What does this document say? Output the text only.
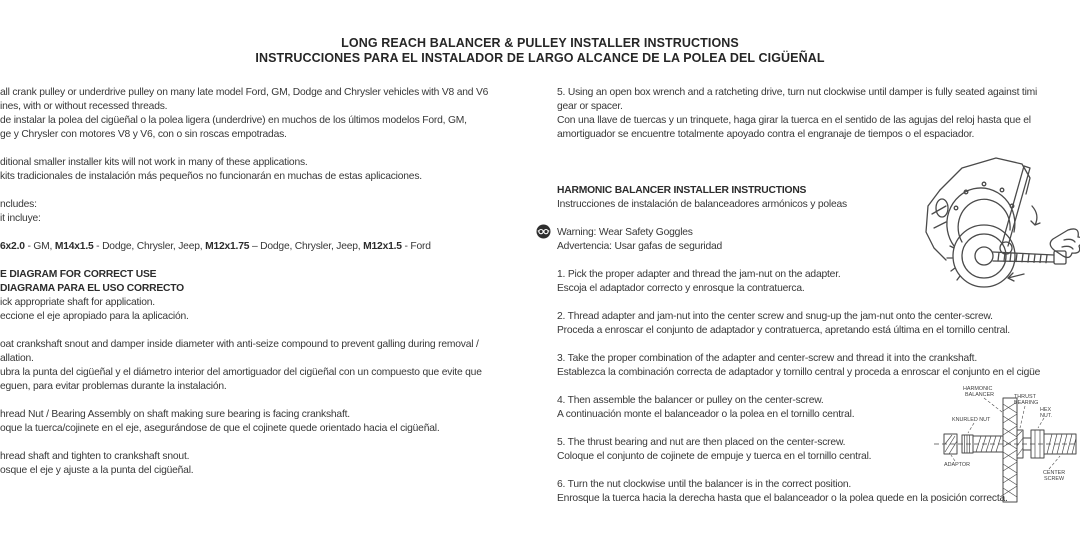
LONG REACH BALANCER & PULLEY INSTALLER INSTRUCTIONS
INSTRUCCIONES PARA EL INSTALADOR DE LARGO ALCANCE DE LA POLEA DEL CIGÜEÑAL
all crank pulley or underdrive pulley on many late model Ford, GM, Dodge and Chrysler vehicles with V8 and V6
ines, with or without recessed threads.
de instalar la polea del cigüeñal o la polea ligera (underdrive) en muchos de los últimos modelos Ford, GM,
ge y Chrysler con motores V8 y V6, con o sin roscas empotradas.

ditional smaller installer kits will not work in many of these applications.
kits tradicionales de instalación más pequeños no funcionarán en muchas de estas aplicaciones.

ncludes:
it incluye:

6x2.0 - GM, M14x1.5 - Dodge, Chrysler, Jeep, M12x1.75 – Dodge, Chrysler, Jeep, M12x1.5 - Ford

E DIAGRAM FOR CORRECT USE
DIAGRAMA PARA EL USO CORRECTO
ick appropriate shaft for application.
eccione el eje apropiado para la aplicación.

oat crankshaft snout and damper inside diameter with anti-seize compound to prevent galling during removal /
allation.
ubra la punta del cigüeñal y el diámetro interior del amortiguador del cigüeñal con un compuesto que evite que
eguen, para evitar problemas durante la instalación.

hread Nut / Bearing Assembly on shaft making sure bearing is facing crankshaft.
oque la tuerca/cojinete en el eje, asegurándose de que el cojinete quede orientado hacia el cigüeñal.

hread shaft and tighten to crankshaft snout.
osque el eje y ajuste a la punta del cigüeñal.
5. Using an open box wrench and a ratcheting drive, turn nut clockwise until damper is fully seated against timi
gear or spacer.
Con una llave de tuercas y un trinquete, haga girar la tuerca en el sentido de las agujas del reloj hasta que el
amortiguador se encuentre totalmente apoyado contra el engranaje de tiempos o el espaciador.

HARMONIC BALANCER INSTALLER INSTRUCTIONS
Instrucciones de instalación de balanceadores armónicos y poleas

Warning: Wear Safety Goggles
Advertencia: Usar gafas de seguridad

1. Pick the proper adapter and thread the jam-nut on the adapter.
Escoja el adaptador correcto y enrosque la contratuerca.

2. Thread adapter and jam-nut into the center screw and snug-up the jam-nut onto the center-screw.
Proceda a enroscar el conjunto de adaptador y contratuerca, apretando está última en el tornillo central.

3. Take the proper combination of the adapter and center-screw and thread it into the crankshaft.
Establezca la combinación correcta de adaptador y tornillo central y proceda a enroscar el conjunto en el cigüe

4. Then assemble the balancer or pulley on the center-screw.
A continuación monte el balanceador o la polea en el tornillo central.

5. The thrust bearing and nut are then placed on the center-screw.
Coloque el conjunto de cojinete de empuje y tuerca en el tornillo central.

6. Turn the nut clockwise until the balancer is in the correct position.
Enrosque la tuerca hacia la derecha hasta que el balanceador o la polea quede en la posición correcta.
HARMONIC
BALANCER	THRUST
BEARING
HEX
NUT.
KNURLED NUT
ADAPTOR
CENTER
SCREW
